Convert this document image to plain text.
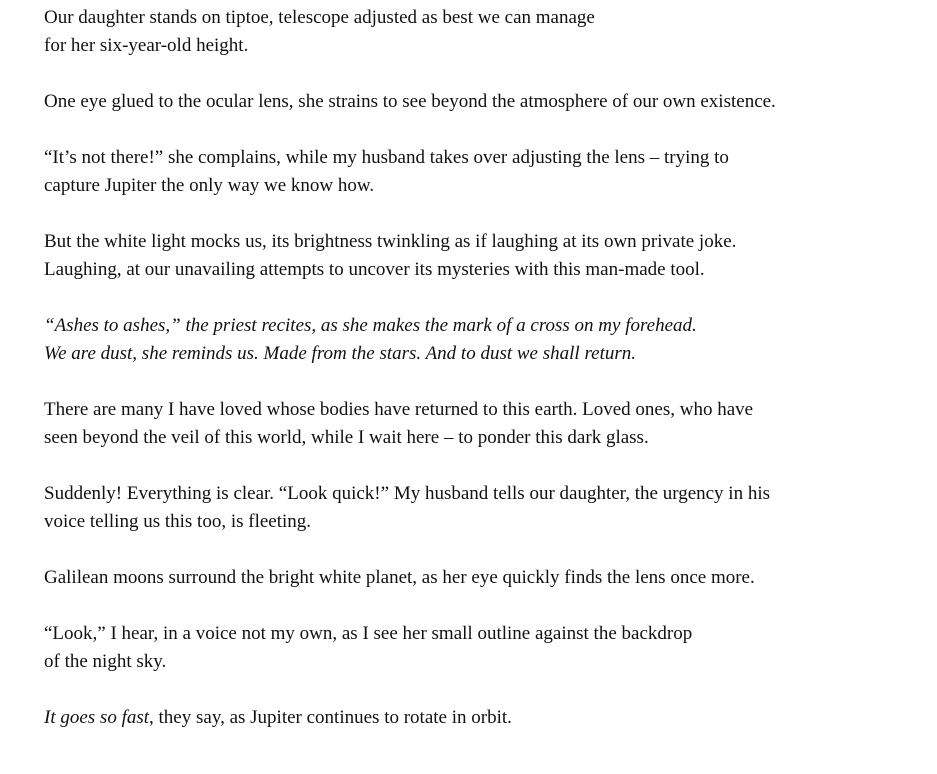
Our daughter stands on tiptoe, telescope adjusted as best we can manage
for her six-year-old height.
One eye glued to the ocular lens, she strains to see beyond the atmosphere of our own existence.
“It’s not there!” she complains, while my husband takes over adjusting the lens – trying to
capture Jupiter the only way we know how.
But the white light mocks us, its brightness twinkling as if laughing at its own private joke.
Laughing, at our unavailing attempts to uncover its mysteries with this man-made tool.
“Ashes to ashes,” the priest recites, as she makes the mark of a cross on my forehead.
We are dust, she reminds us. Made from the stars. And to dust we shall return.
There are many I have loved whose bodies have returned to this earth. Loved ones, who have
seen beyond the veil of this world, while I wait here – to ponder this dark glass.
Suddenly! Everything is clear. “Look quick!” My husband tells our daughter, the urgency in his
voice telling us this too, is fleeting.
Galilean moons surround the bright white planet, as her eye quickly finds the lens once more.
“Look,” I hear, in a voice not my own, as I see her small outline against the backdrop
of the night sky.
It goes so fast, they say, as Jupiter continues to rotate in orbit.
